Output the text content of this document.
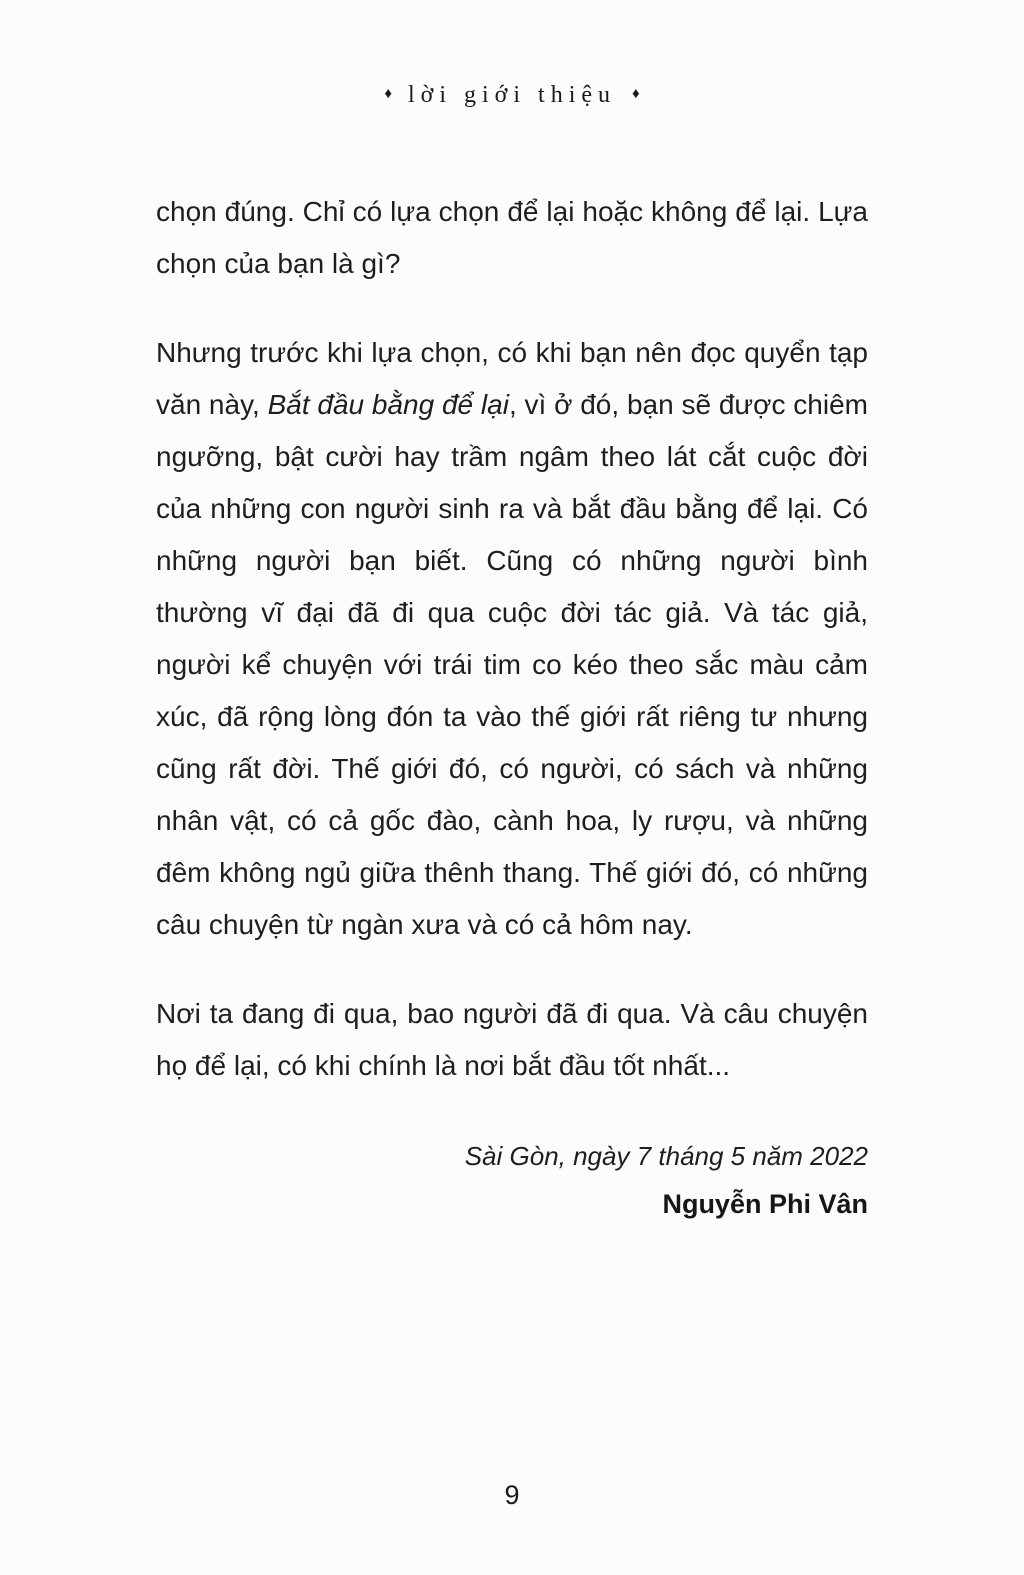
♦ lời giới thiệu ♦

chọn đúng. Chỉ có lựa chọn để lại hoặc không để lại. Lựa chọn của bạn là gì?

Nhưng trước khi lựa chọn, có khi bạn nên đọc quyển tạp văn này, Bắt đầu bằng để lại, vì ở đó, bạn sẽ được chiêm ngưỡng, bật cười hay trầm ngâm theo lát cắt cuộc đời của những con người sinh ra và bắt đầu bằng để lại. Có những người bạn biết. Cũng có những người bình thường vĩ đại đã đi qua cuộc đời tác giả. Và tác giả, người kể chuyện với trái tim co kéo theo sắc màu cảm xúc, đã rộng lòng đón ta vào thế giới rất riêng tư nhưng cũng rất đời. Thế giới đó, có người, có sách và những nhân vật, có cả gốc đào, cành hoa, ly rượu, và những đêm không ngủ giữa thênh thang. Thế giới đó, có những câu chuyện từ ngàn xưa và có cả hôm nay.

Nơi ta đang đi qua, bao người đã đi qua. Và câu chuyện họ để lại, có khi chính là nơi bắt đầu tốt nhất...

Sài Gòn, ngày 7 tháng 5 năm 2022
Nguyễn Phi Vân
9
